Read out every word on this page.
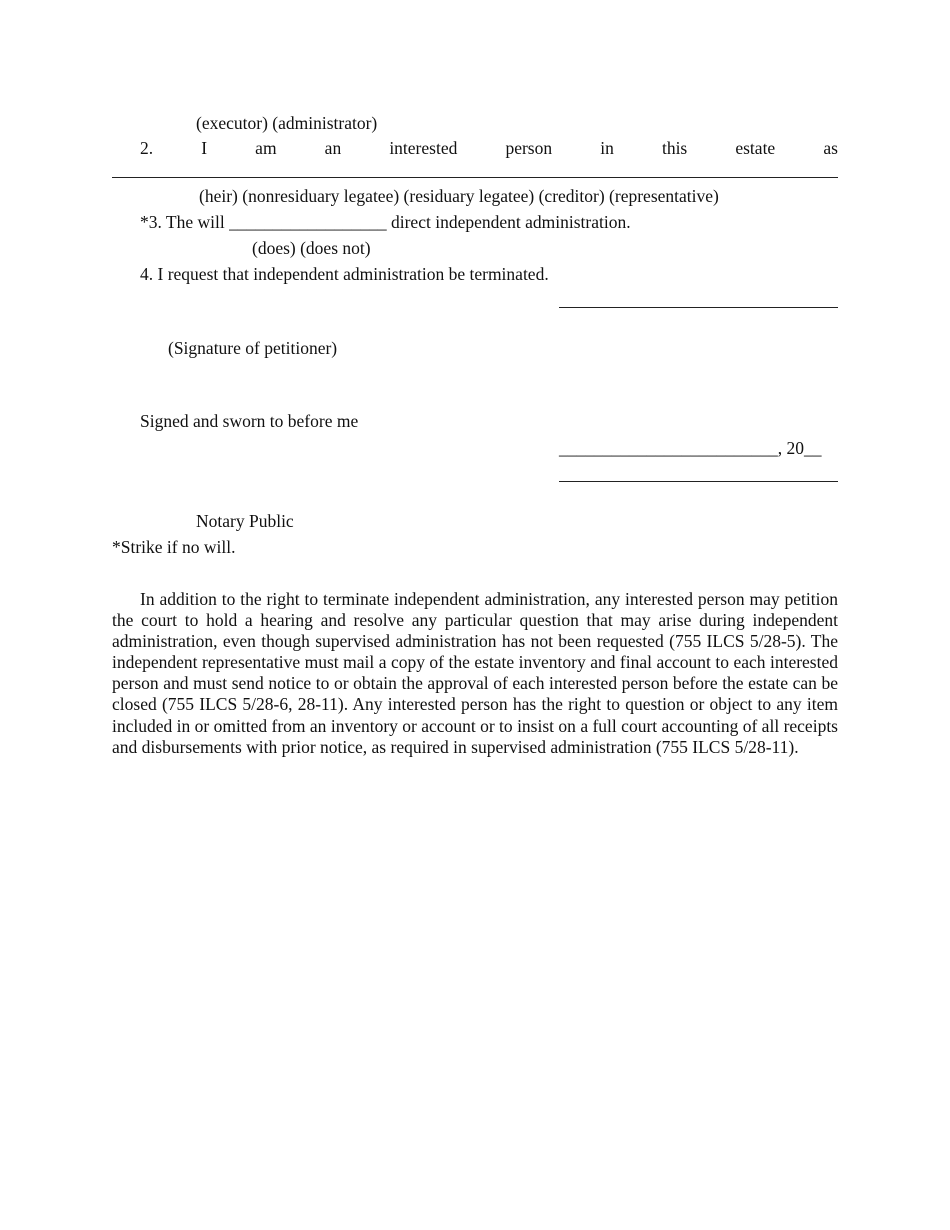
(executor) (administrator)
2.	I	am	an	interested	person	in	this	estate	as
(heir) (nonresiduary legatee) (residuary legatee) (creditor) (representative)
*3. The will __________________ direct independent administration.
(does) (does not)
4. I request that independent administration be terminated.
(Signature of petitioner)
Signed and sworn to before me
_________________________, 20__
Notary Public
*Strike if no will.

In addition to the right to terminate independent administration, any interested person may petition the court to hold a hearing and resolve any particular question that may arise during independent administration, even though supervised administration has not been requested (755 ILCS 5/28-5). The independent representative must mail a copy of the estate inventory and final account to each interested person and must send notice to or obtain the approval of each interested person before the estate can be closed (755 ILCS 5/28-6, 28-11). Any interested person has the right to question or object to any item included in or omitted from an inventory or account or to insist on a full court accounting of all receipts and disbursements with prior notice, as required in supervised administration (755 ILCS 5/28-11).
